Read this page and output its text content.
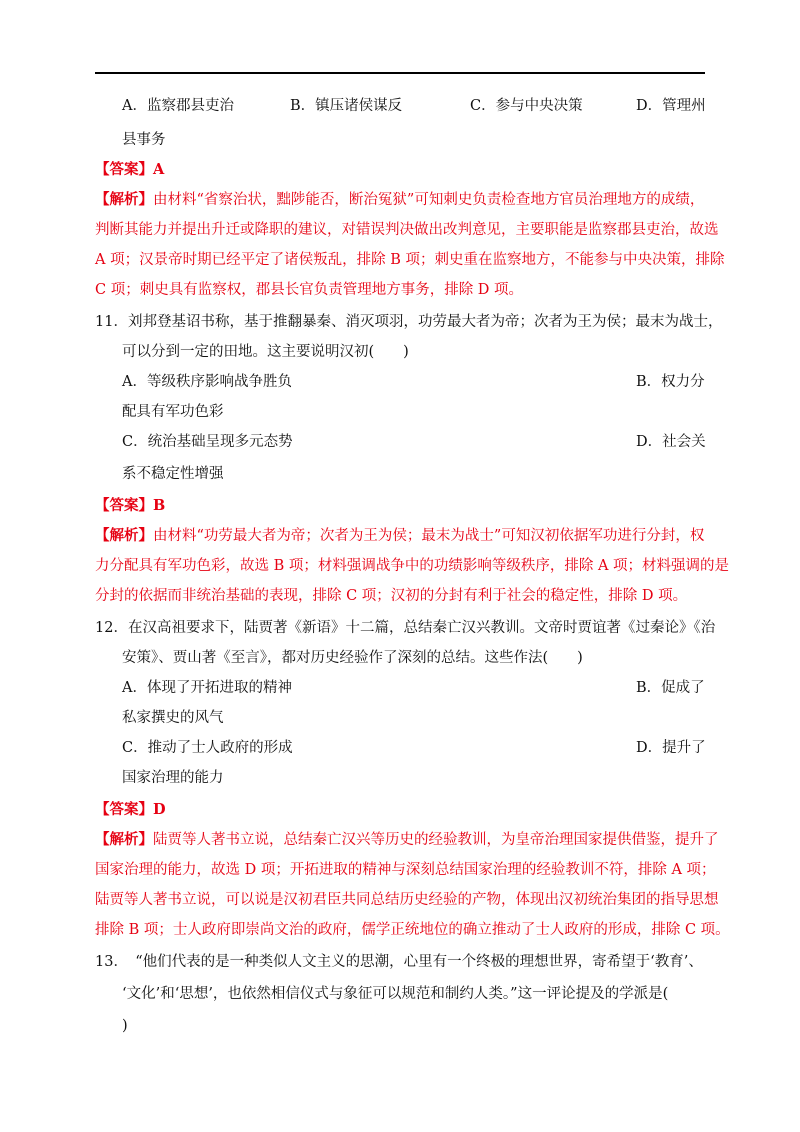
A．监察郡县吏治	B．镇压诸侯谋反	C．参与中央决策	D．管理州
县事务
【答案】A
【解析】由材料“省察治状，黜陟能否，断治冤狱”可知刺史负责检查地方官员治理地方的成绩，
判断其能力并提出升迁或降职的建议，对错误判决做出改判意见，主要职能是监察郡县吏治，故选
A 项；汉景帝时期已经平定了诸侯叛乱，排除 B 项；刺史重在监察地方，不能参与中央决策，排除
C 项；刺史具有监察权，郡县长官负责管理地方事务，排除 D 项。
11．刘邦登基诏书称，基于推翻暴秦、消灭项羽，功劳最大者为帝；次者为王为侯；最末为战士，
可以分到一定的田地。这主要说明汉初(　　)
A．等级秩序影响战争胜负	B．权力分
配具有军功色彩
C．统治基础呈现多元态势	D．社会关
系不稳定性增强
【答案】B
【解析】由材料“功劳最大者为帝；次者为王为侯；最末为战士”可知汉初依据军功进行分封，权
力分配具有军功色彩，故选 B 项；材料强调战争中的功绩影响等级秩序，排除 A 项；材料强调的是
分封的依据而非统治基础的表现，排除 C 项；汉初的分封有利于社会的稳定性，排除 D 项。
12．在汉高祖要求下，陆贾著《新语》十二篇，总结秦亡汉兴教训。文帝时贾谊著《过秦论》《治
安策》、贾山著《至言》，都对历史经验作了深刻的总结。这些作法(　　)
A．体现了开拓进取的精神	B．促成了
私家撰史的风气
C．推动了士人政府的形成	D．提升了
国家治理的能力
【答案】D
【解析】陆贾等人著书立说，总结秦亡汉兴等历史的经验教训，为皇帝治理国家提供借鉴，提升了
国家治理的能力，故选 D 项；开拓进取的精神与深刻总结国家治理的经验教训不符，排除 A 项；
陆贾等人著书立说，可以说是汉初君臣共同总结历史经验的产物，体现出汉初统治集团的指导思想
排除 B 项；士人政府即崇尚文治的政府，儒学正统地位的确立推动了士人政府的形成，排除 C 项。
13．　“他们代表的是一种类似人文主义的思潮，心里有一个终极的理想世界，寄希望于‘教育’、
‘文化’和‘思想’，也依然相信仪式与象征可以规范和制约人类。”这一评论提及的学派是(
)
